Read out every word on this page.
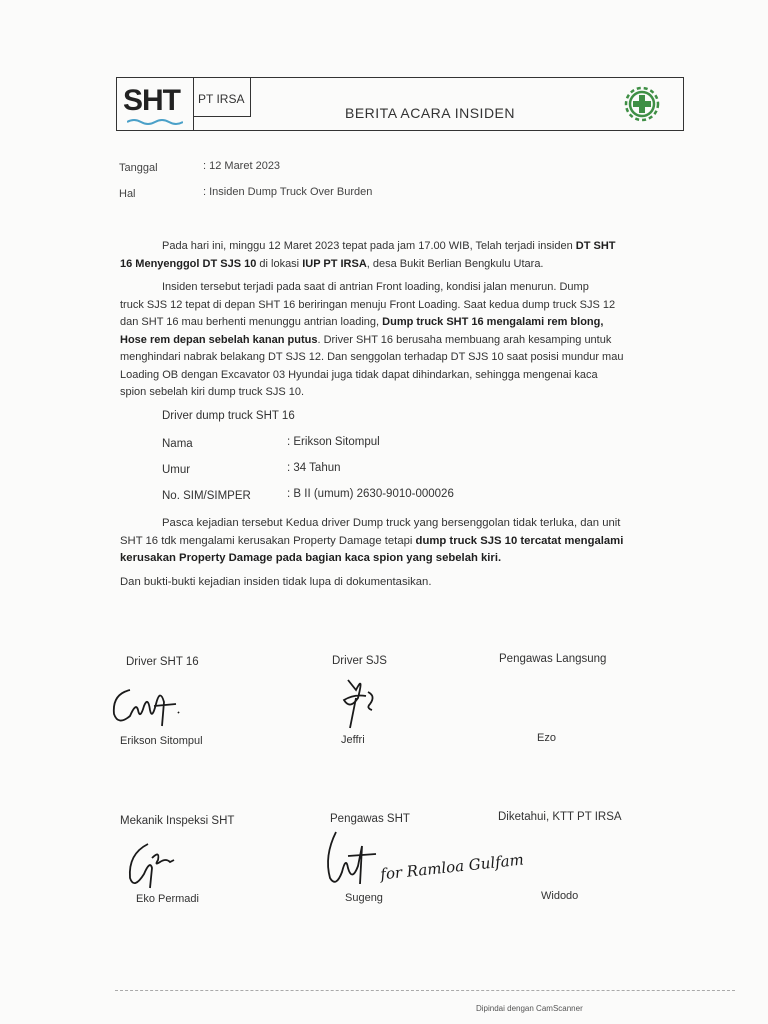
SHT PT IRSA
BERITA ACARA INSIDEN
Tanggal	: 12 Maret 2023
Hal	: Insiden Dump Truck Over Burden
Pada hari ini, minggu 12 Maret 2023 tepat pada jam 17.00 WIB, Telah terjadi insiden DT SHT
16 Menyenggol DT SJS 10 di lokasi IUP PT IRSA, desa Bukit Berlian Bengkulu Utara.
Insiden tersebut terjadi pada saat di antrian Front loading, kondisi jalan menurun. Dump
truck SJS 12 tepat di depan SHT 16 beriringan menuju Front Loading. Saat kedua dump truck SJS 12
dan SHT 16 mau berhenti menunggu antrian loading, Dump truck SHT 16 mengalami rem blong,
Hose rem depan sebelah kanan putus. Driver SHT 16 berusaha membuang arah kesamping untuk
menghindari nabrak belakang DT SJS 12. Dan senggolan terhadap DT SJS 10 saat posisi mundur mau
Loading OB dengan Excavator 03 Hyundai juga tidak dapat dihindarkan, sehingga mengenai kaca
spion sebelah kiri dump truck SJS 10.
Driver dump truck SHT 16
Nama	: Erikson Sitompul
Umur	: 34 Tahun
No. SIM/SIMPER	: B II (umum) 2630-9010-000026
Pasca kejadian tersebut Kedua driver Dump truck yang bersenggolan tidak terluka, dan unit
SHT 16 tdk mengalami kerusakan Property Damage tetapi dump truck SJS 10 tercatat mengalami
kerusakan Property Damage pada bagian kaca spion yang sebelah kiri.
Dan bukti-bukti kejadian insiden tidak lupa di dokumentasikan.
Driver SHT 16	Driver SJS	Pengawas Langsung
Erikson Sitompul	Jeffri	Ezo
Mekanik Inspeksi SHT	Pengawas SHT	Diketahui, KTT PT IRSA
for Ramloa Gulfam
Eko Permadi	Sugeng	Widodo
Dipindai dengan CamScanner
